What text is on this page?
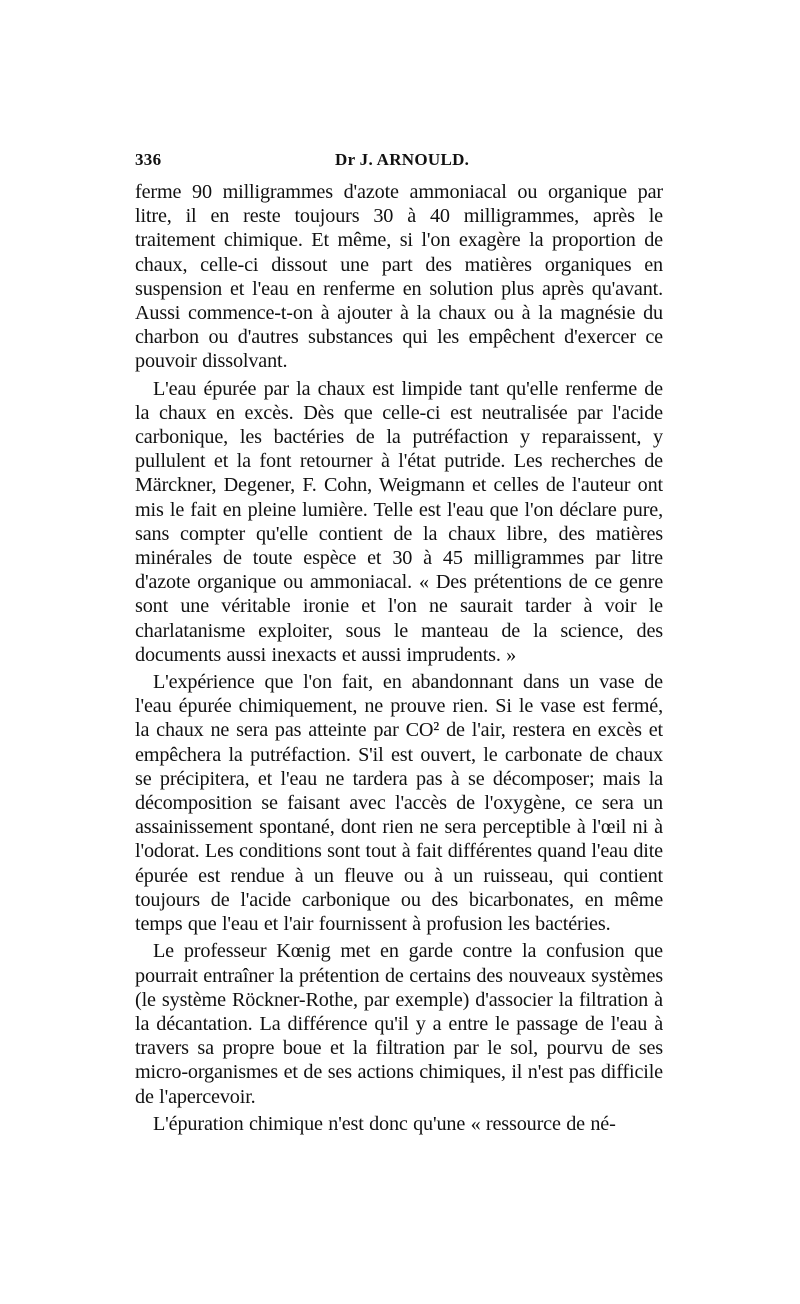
336	Dr J. ARNOULD.

ferme 90 milligrammes d'azote ammoniacal ou organique par litre, il en reste toujours 30 à 40 milligrammes, après le traitement chimique. Et même, si l'on exagère la proportion de chaux, celle-ci dissout une part des matières organiques en suspension et l'eau en renferme en solution plus après qu'avant. Aussi commence-t-on à ajouter à la chaux ou à la magnésie du charbon ou d'autres substances qui les empêchent d'exercer ce pouvoir dissolvant.

L'eau épurée par la chaux est limpide tant qu'elle renferme de la chaux en excès. Dès que celle-ci est neutralisée par l'acide carbonique, les bactéries de la putréfaction y reparaissent, y pullulent et la font retourner à l'état putride. Les recherches de Märckner, Degener, F. Cohn, Weigmann et celles de l'auteur ont mis le fait en pleine lumière. Telle est l'eau que l'on déclare pure, sans compter qu'elle contient de la chaux libre, des matières minérales de toute espèce et 30 à 45 milligrammes par litre d'azote organique ou ammoniacal. « Des prétentions de ce genre sont une véritable ironie et l'on ne saurait tarder à voir le charlatanisme exploiter, sous le manteau de la science, des documents aussi inexacts et aussi imprudents. »

L'expérience que l'on fait, en abandonnant dans un vase de l'eau épurée chimiquement, ne prouve rien. Si le vase est fermé, la chaux ne sera pas atteinte par CO² de l'air, restera en excès et empêchera la putréfaction. S'il est ouvert, le carbonate de chaux se précipitera, et l'eau ne tardera pas à se décomposer; mais la décomposition se faisant avec l'accès de l'oxygène, ce sera un assainissement spontané, dont rien ne sera perceptible à l'œil ni à l'odorat. Les conditions sont tout à fait différentes quand l'eau dite épurée est rendue à un fleuve ou à un ruisseau, qui contient toujours de l'acide carbonique ou des bicarbonates, en même temps que l'eau et l'air fournissent à profusion les bactéries.

Le professeur Kœnig met en garde contre la confusion que pourrait entraîner la prétention de certains des nouveaux systèmes (le système Röckner-Rothe, par exemple) d'associer la filtration à la décantation. La différence qu'il y a entre le passage de l'eau à travers sa propre boue et la filtration par le sol, pourvu de ses micro-organismes et de ses actions chimiques, il n'est pas difficile de l'apercevoir.

L'épuration chimique n'est donc qu'une « ressource de né-
